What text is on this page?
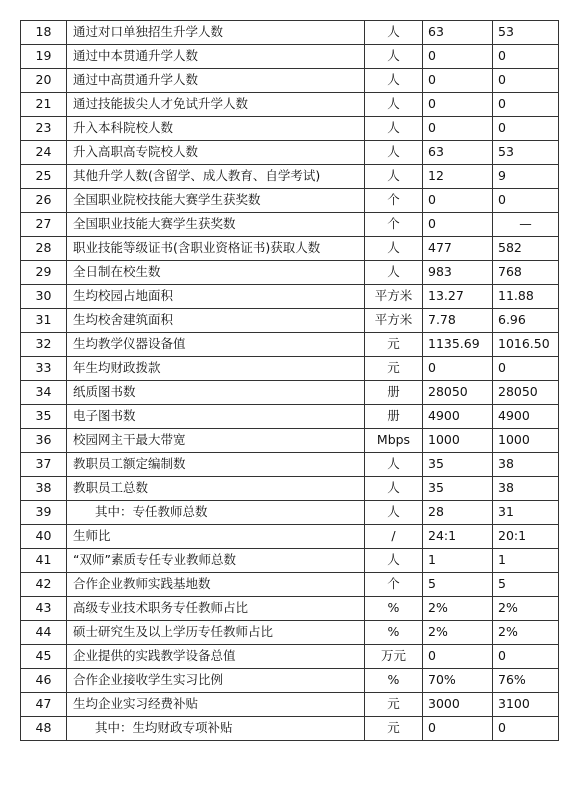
18	通过对口单独招生升学人数	人	63	53
19	通过中本贯通升学人数	人	0	0
20	通过中高贯通升学人数	人	0	0
21	通过技能拔尖人才免试升学人数	人	0	0
23	升入本科院校人数	人	0	0
24	升入高职高专院校人数	人	63	53
25	其他升学人数(含留学、成人教育、自学考试)	人	12	9
26	全国职业院校技能大赛学生获奖数	个	0	0
27	全国职业技能大赛学生获奖数	个	0	—
28	职业技能等级证书(含职业资格证书)获取人数	人	477	582
29	全日制在校生数	人	983	768
30	生均校园占地面积	平方米	13.27	11.88
31	生均校舍建筑面积	平方米	7.78	6.96
32	生均教学仪器设备值	元	1135.69	1016.50
33	年生均财政拨款	元	0	0
34	纸质图书数	册	28050	28050
35	电子图书数	册	4900	4900
36	校园网主干最大带宽	Mbps	1000	1000
37	教职员工额定编制数	人	35	38
38	教职员工总数	人	35	38
39	其中：专任教师总数	人	28	31
40	生师比	/	24:1	20:1
41	“双师”素质专任专业教师总数	人	1	1
42	合作企业教师实践基地数	个	5	5
43	高级专业技术职务专任教师占比	%	2%	2%
44	硕士研究生及以上学历专任教师占比	%	2%	2%
45	企业提供的实践教学设备总值	万元	0	0
46	合作企业接收学生实习比例	%	70%	76%
47	生均企业实习经费补贴	元	3000	3100
48	其中：生均财政专项补贴	元	0	0
